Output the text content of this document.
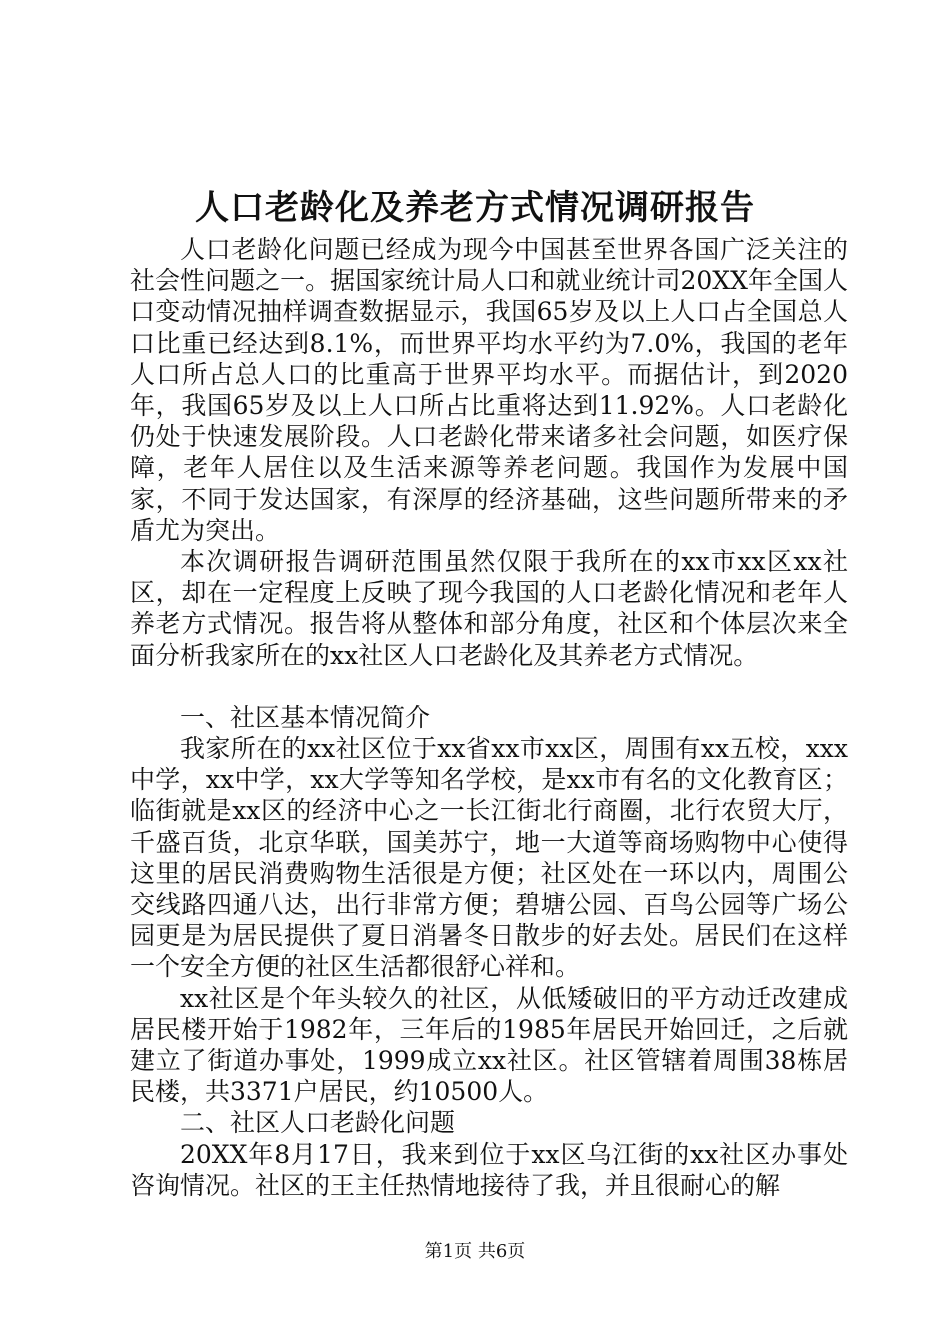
人口老龄化及养老方式情况调研报告

人口老龄化问题已经成为现今中国甚至世界各国广泛关注的社会性问题之一。据国家统计局人口和就业统计司20XX年全国人口变动情况抽样调查数据显示，我国65岁及以上人口占全国总人口比重已经达到8.1%，而世界平均水平约为7.0%，我国的老年人口所占总人口的比重高于世界平均水平。而据估计，到2020年，我国65岁及以上人口所占比重将达到11.92%。人口老龄化仍处于快速发展阶段。人口老龄化带来诸多社会问题，如医疗保障，老年人居住以及生活来源等养老问题。我国作为发展中国家，不同于发达国家，有深厚的经济基础，这些问题所带来的矛盾尤为突出。

本次调研报告调研范围虽然仅限于我所在的xx市xx区xx社区，却在一定程度上反映了现今我国的人口老龄化情况和老年人养老方式情况。报告将从整体和部分角度，社区和个体层次来全面分析我家所在的xx社区人口老龄化及其养老方式情况。

一、社区基本情况简介

我家所在的xx社区位于xx省xx市xx区，周围有xx五校，xxx中学，xx中学，xx大学等知名学校，是xx市有名的文化教育区；临街就是xx区的经济中心之一长江街北行商圈，北行农贸大厅，千盛百货，北京华联，国美苏宁，地一大道等商场购物中心使得这里的居民消费购物生活很是方便；社区处在一环以内，周围公交线路四通八达，出行非常方便；碧塘公园、百鸟公园等广场公园更是为居民提供了夏日消暑冬日散步的好去处。居民们在这样一个安全方便的社区生活都很舒心祥和。

xx社区是个年头较久的社区，从低矮破旧的平方动迁改建成居民楼开始于1982年，三年后的1985年居民开始回迁，之后就建立了街道办事处，1999成立xx社区。社区管辖着周围38栋居民楼，共3371户居民，约10500人。

二、社区人口老龄化问题

20XX年8月17日，我来到位于xx区乌江街的xx社区办事处咨询情况。社区的王主任热情地接待了我，并且很耐心的解

第1页 共6页
